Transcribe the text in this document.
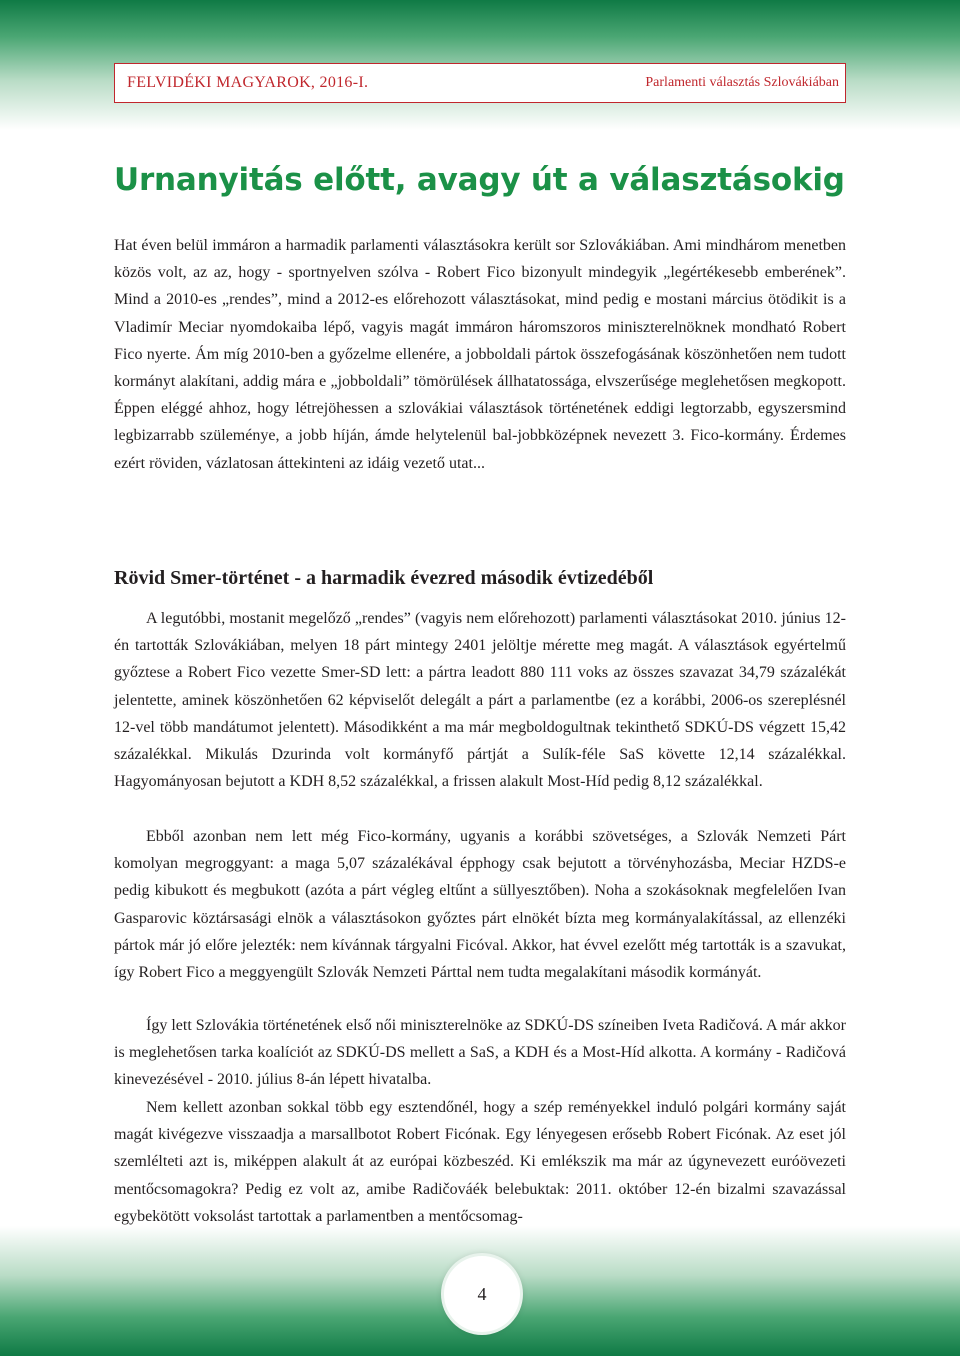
FELVIDÉKI MAGYAROK, 2016-I.	Parlamenti választás Szlovákiában
Urnanyitás előtt, avagy út a választásokig

Hat éven belül immáron a harmadik parlamenti választásokra került sor Szlovákiában. Ami mindhárom menetben közös volt, az az, hogy - sportnyelven szólva - Robert Fico bizonyult mindegyik „legértékesebb emberének”. Mind a 2010-es „rendes”, mind a 2012-es előrehozott választásokat, mind pedig e mostani március ötödikit is a Vladimír Meciar nyomdokaiba lépő, vagyis magát immáron háromszoros miniszterelnöknek mondható Robert Fico nyerte. Ám míg 2010-ben a győzelme ellenére, a jobboldali pártok összefogásának köszönhetően nem tudott kormányt alakítani, addig mára e „jobboldali” tömörülések állhatatossága, elvszerűsége meglehetősen megkopott. Éppen eléggé ahhoz, hogy létrejöhessen a szlovákiai választások történetének eddigi legtorzabb, egyszersmind legbizarrabb szüleménye, a jobb híján, ámde helytelenül bal-jobbközépnek nevezett 3. Fico-kormány. Érdemes ezért röviden, vázlatosan áttekinteni az idáig vezető utat...

Rövid Smer-történet - a harmadik évezred második évtizedéből

A legutóbbi, mostanit megelőző „rendes” (vagyis nem előrehozott) parlamenti választásokat 2010. június 12-én tartották Szlovákiában, melyen 18 párt mintegy 2401 jelöltje mérette meg magát. A választások egyértelmű győztese a Robert Fico vezette Smer-SD lett: a pártra leadott 880 111 voks az összes szavazat 34,79 százalékát jelentette, aminek köszönhetően 62 képviselőt delegált a párt a parlamentbe (ez a korábbi, 2006-os szereplésnél 12-vel több mandátumot jelentett). Másodikként a ma már megboldogultnak tekinthető SDKÚ-DS végzett 15,42 százalékkal. Mikulás Dzurinda volt kormányfő pártját a Sulík-féle SaS követte 12,14 százalékkal. Hagyományosan bejutott a KDH 8,52 százalékkal, a frissen alakult Most-Híd pedig 8,12 százalékkal.

Ebből azonban nem lett még Fico-kormány, ugyanis a korábbi szövetséges, a Szlovák Nemzeti Párt komolyan megroggyant: a maga 5,07 százalékával épphogy csak bejutott a törvényhozásba, Meciar HZDS-e pedig kibukott és megbukott (azóta a párt végleg eltűnt a süllyesztőben). Noha a szokásoknak megfelelően Ivan Gasparovic köztársasági elnök a választásokon győztes párt elnökét bízta meg kormányalakítással, az ellenzéki pártok már jó előre jelezték: nem kívánnak tárgyalni Ficóval. Akkor, hat évvel ezelőtt még tartották is a szavukat, így Robert Fico a meggyengült Szlovák Nemzeti Párttal nem tudta megalakítani második kormányát.

Így lett Szlovákia történetének első női miniszterelnöke az SDKÚ-DS színeiben Iveta Radičová. A már akkor is meglehetősen tarka koalíciót az SDKÚ-DS mellett a SaS, a KDH és a Most-Híd alkotta. A kormány - Radičová kinevezésével - 2010. július 8-án lépett hivatalba.

Nem kellett azonban sokkal több egy esztendőnél, hogy a szép reményekkel induló polgári kormány saját magát kivégezve visszaadja a marsallbotot Robert Ficónak. Egy lényegesen erősebb Robert Ficónak. Az eset jól szemlélteti azt is, miképpen alakult át az európai közbeszéd. Ki emlékszik ma már az úgynevezett euróövezeti mentőcsomagokra? Pedig ez volt az, amibe Radičováék belebuktak: 2011. október 12-én bizalmi szavazással egybekötött voksolást tartottak a parlamentben a mentőcsomag-

4
